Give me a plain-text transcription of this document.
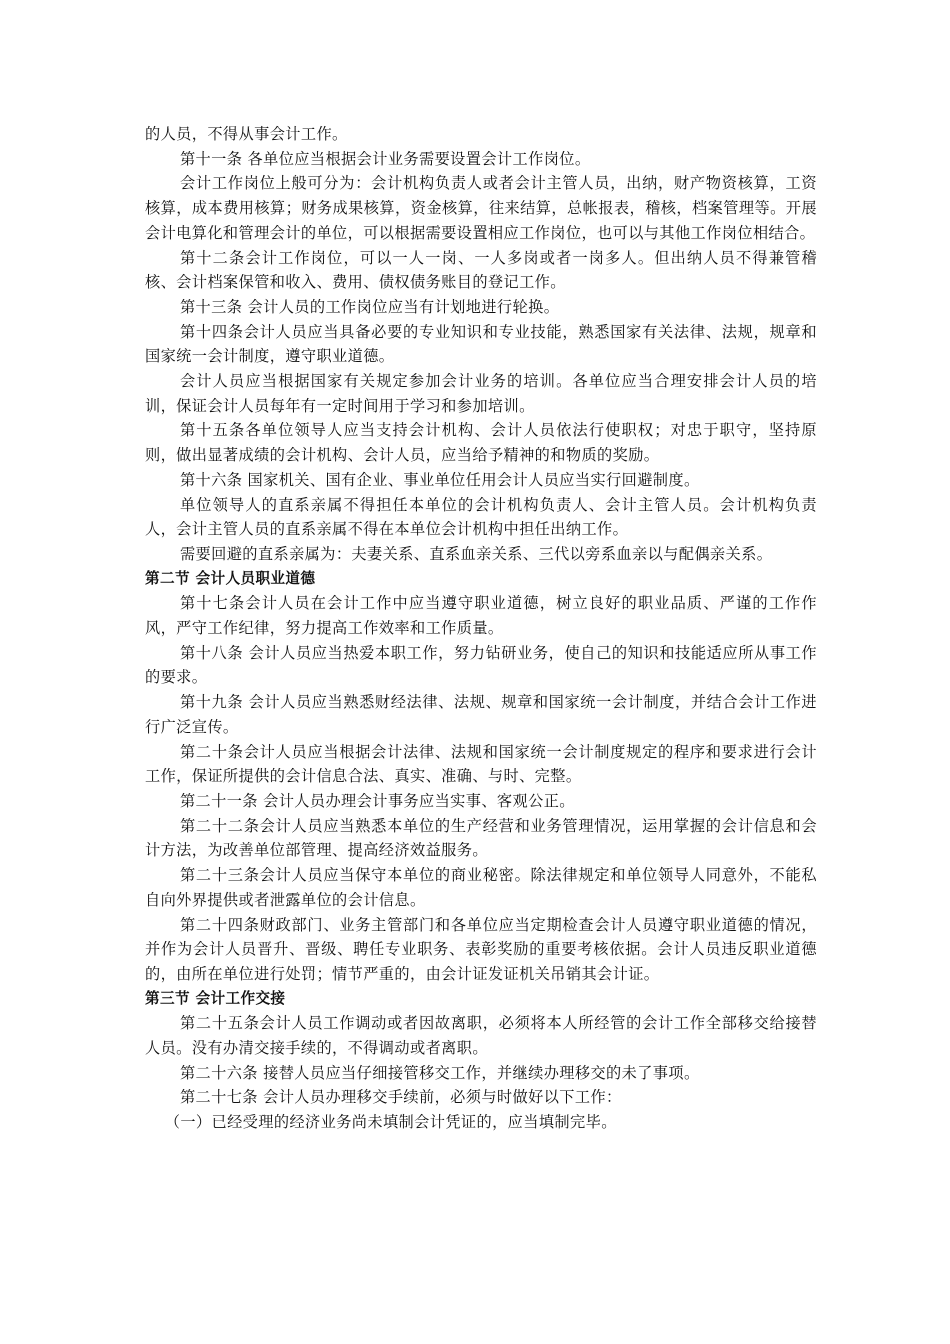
的人员，不得从事会计工作。

第十一条 各单位应当根据会计业务需要设置会计工作岗位。

会计工作岗位上般可分为：会计机构负责人或者会计主管人员，出纳，财产物资核算，工资核算，成本费用核算；财务成果核算，资金核算，往来结算，总帐报表，稽核，档案管理等。开展会计电算化和管理会计的单位，可以根据需要设置相应工作岗位，也可以与其他工作岗位相结合。

第十二条会计工作岗位，可以一人一岗、一人多岗或者一岗多人。但出纳人员不得兼管稽核、会计档案保管和收入、费用、债权债务账目的登记工作。

第十三条 会计人员的工作岗位应当有计划地进行轮换。

第十四条会计人员应当具备必要的专业知识和专业技能，熟悉国家有关法律、法规，规章和国家统一会计制度，遵守职业道德。

会计人员应当根据国家有关规定参加会计业务的培训。各单位应当合理安排会计人员的培训，保证会计人员每年有一定时间用于学习和参加培训。

第十五条各单位领导人应当支持会计机构、会计人员依法行使职权；对忠于职守，坚持原则，做出显著成绩的会计机构、会计人员，应当给予精神的和物质的奖励。

第十六条 国家机关、国有企业、事业单位任用会计人员应当实行回避制度。

单位领导人的直系亲属不得担任本单位的会计机构负责人、会计主管人员。会计机构负责人，会计主管人员的直系亲属不得在本单位会计机构中担任出纳工作。

需要回避的直系亲属为：夫妻关系、直系血亲关系、三代以旁系血亲以与配偶亲关系。

第二节 会计人员职业道德

第十七条会计人员在会计工作中应当遵守职业道德，树立良好的职业品质、严谨的工作作风，严守工作纪律，努力提高工作效率和工作质量。

第十八条 会计人员应当热爱本职工作，努力钻研业务，使自己的知识和技能适应所从事工作的要求。

第十九条 会计人员应当熟悉财经法律、法规、规章和国家统一会计制度，并结合会计工作进行广泛宣传。

第二十条会计人员应当根据会计法律、法规和国家统一会计制度规定的程序和要求进行会计工作，保证所提供的会计信息合法、真实、准确、与时、完整。

第二十一条 会计人员办理会计事务应当实事、客观公正。

第二十二条会计人员应当熟悉本单位的生产经营和业务管理情况，运用掌握的会计信息和会计方法，为改善单位部管理、提高经济效益服务。

第二十三条会计人员应当保守本单位的商业秘密。除法律规定和单位领导人同意外，不能私自向外界提供或者泄露单位的会计信息。

第二十四条财政部门、业务主管部门和各单位应当定期检查会计人员遵守职业道德的情况，并作为会计人员晋升、晋级、聘任专业职务、表彰奖励的重要考核依据。会计人员违反职业道德的，由所在单位进行处罚；情节严重的，由会计证发证机关吊销其会计证。

第三节 会计工作交接

第二十五条会计人员工作调动或者因故离职，必须将本人所经管的会计工作全部移交给接替人员。没有办清交接手续的，不得调动或者离职。

第二十六条 接替人员应当仔细接管移交工作，并继续办理移交的未了事项。

第二十七条 会计人员办理移交手续前，必须与时做好以下工作：

（一）已经受理的经济业务尚未填制会计凭证的，应当填制完毕。
